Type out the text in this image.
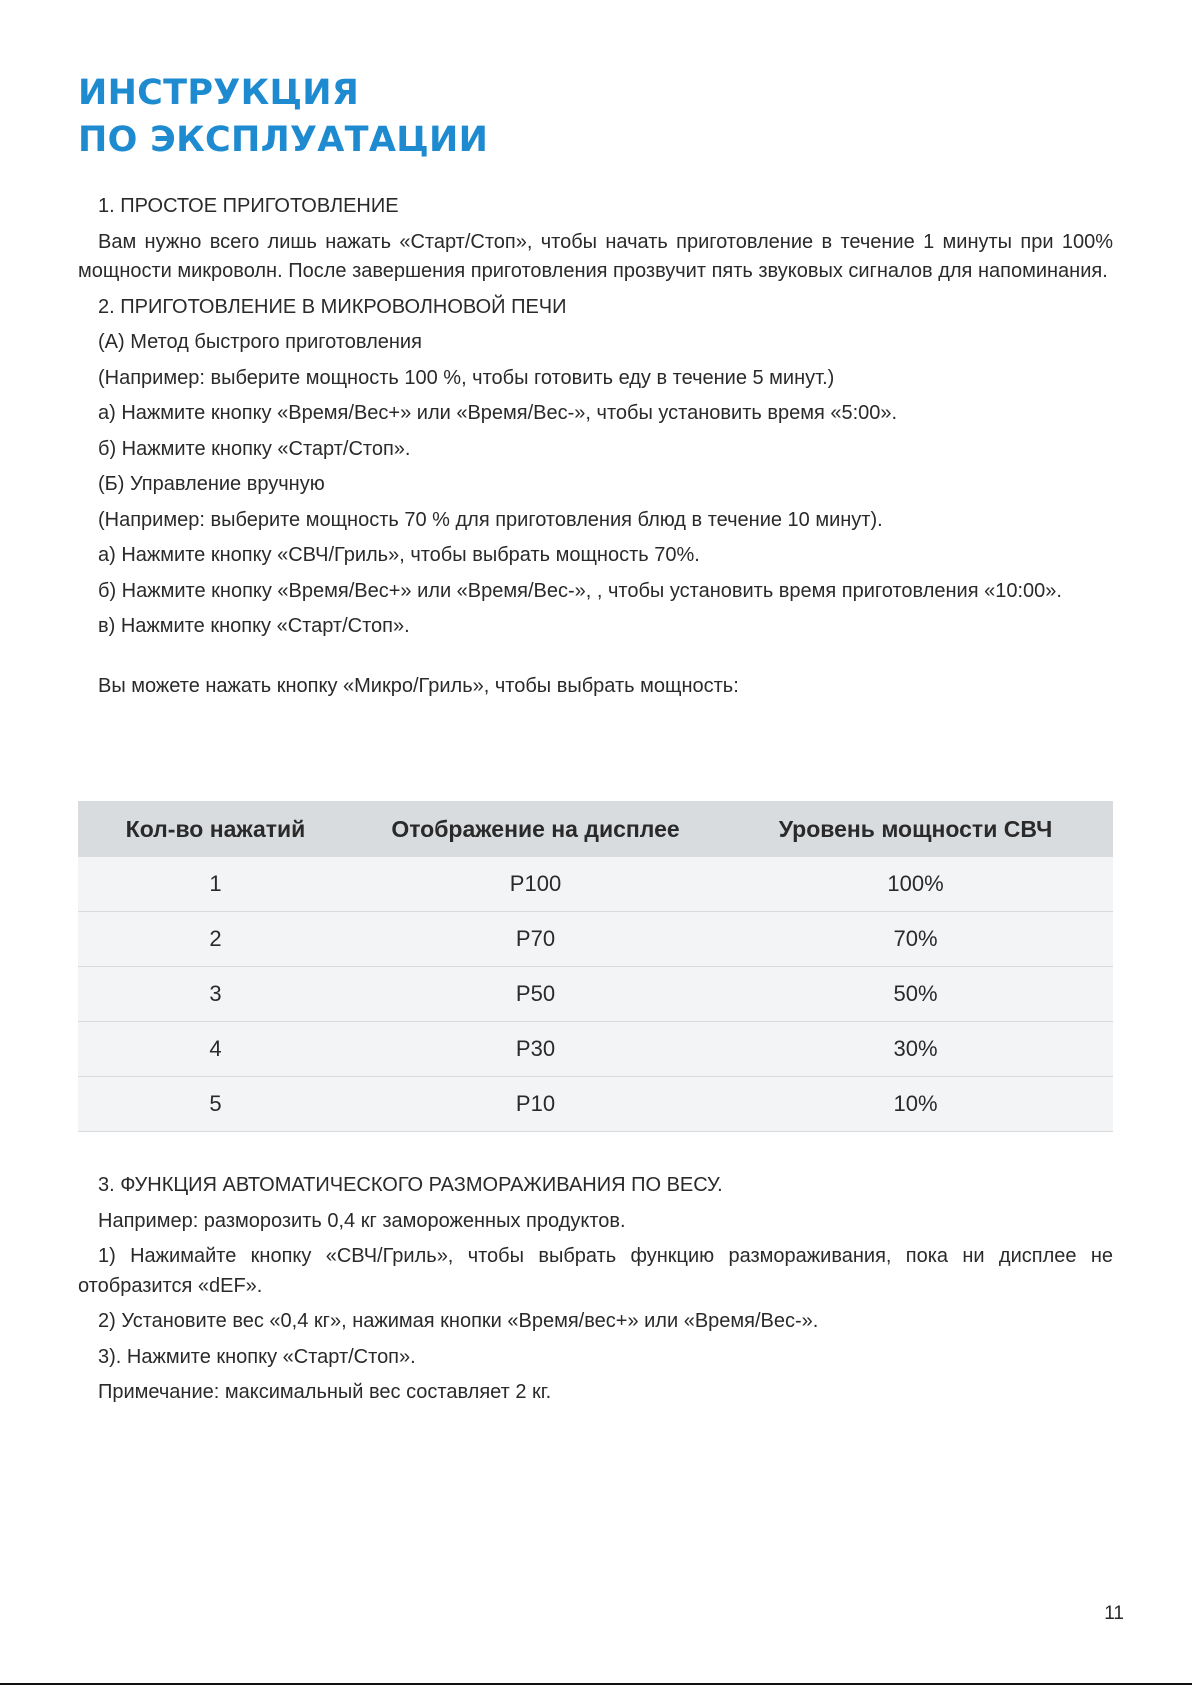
ИНСТРУКЦИЯ
ПО ЭКСПЛУАТАЦИИ

1. ПРОСТОЕ ПРИГОТОВЛЕНИЕ

Вам нужно всего лишь нажать «Старт/Стоп», чтобы начать приготовление в течение 1 минуты при 100% мощности микроволн. После завершения приготовления прозвучит пять звуковых сигналов для напоминания.

2. ПРИГОТОВЛЕНИЕ В МИКРОВОЛНОВОЙ ПЕЧИ

(А) Метод быстрого приготовления

(Например: выберите мощность 100 %, чтобы готовить еду в течение 5 минут.)

а) Нажмите кнопку «Время/Вес+» или «Время/Вес-», чтобы установить время «5:00».

б) Нажмите кнопку «Старт/Стоп».

(Б) Управление вручную

(Например: выберите мощность 70 % для приготовления блюд в течение 10 минут).

а) Нажмите кнопку «СВЧ/Гриль», чтобы выбрать мощность 70%.

б) Нажмите кнопку «Время/Вес+» или «Время/Вес-», , чтобы установить время приготовления «10:00».

в) Нажмите кнопку «Старт/Стоп».

Вы можете нажать кнопку «Микро/Гриль», чтобы выбрать мощность:

Кол-во нажатий	Отображение на дисплее	Уровень мощности СВЧ
1	P100	100%
2	P70	70%
3	P50	50%
4	P30	30%
5	P10	10%

3. ФУНКЦИЯ АВТОМАТИЧЕСКОГО РАЗМОРАЖИВАНИЯ ПО ВЕСУ.

Например: разморозить 0,4 кг замороженных продуктов.

1) Нажимайте кнопку «СВЧ/Гриль», чтобы выбрать функцию размораживания, пока ни дисплее не отобразится «dEF».

2) Установите вес «0,4 кг», нажимая кнопки «Время/вес+» или «Время/Вес-».

3). Нажмите кнопку «Старт/Стоп».

Примечание: максимальный вес составляет 2 кг.

11
